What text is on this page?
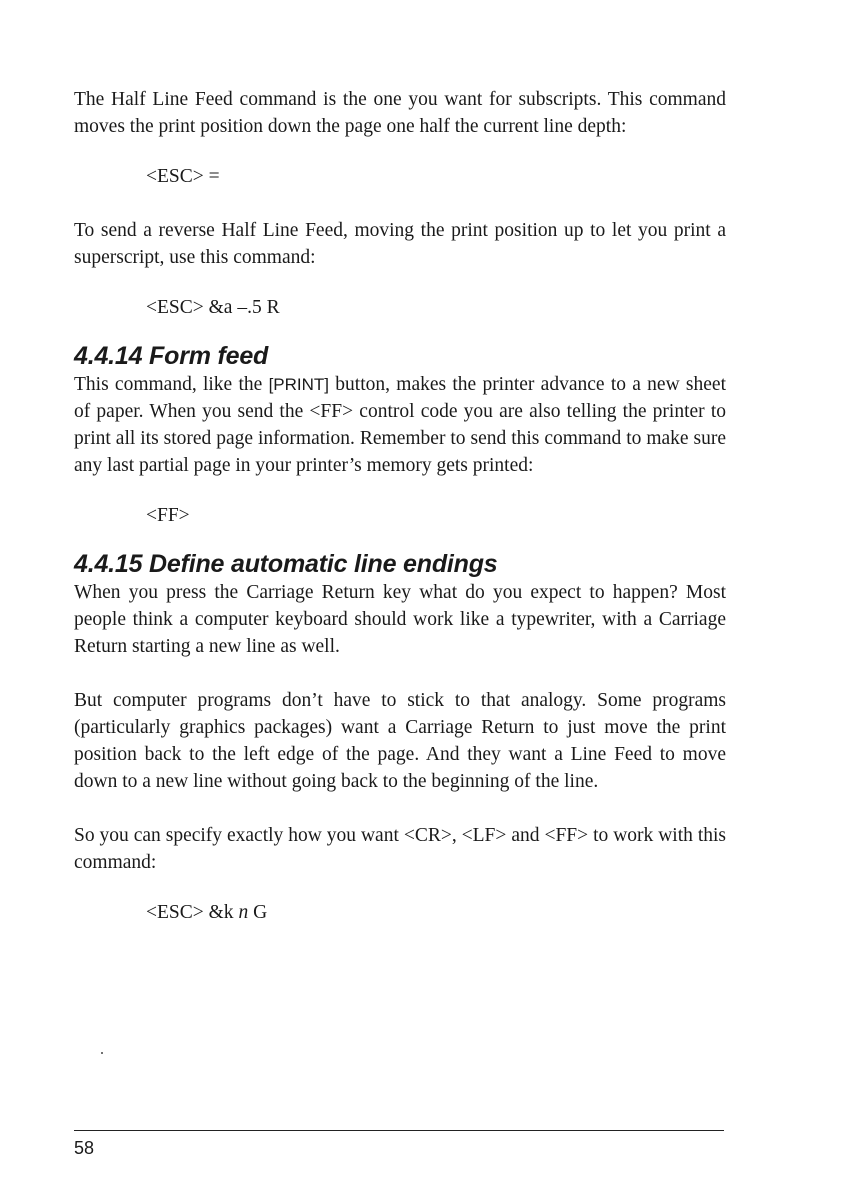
The Half Line Feed command is the one you want for subscripts. This command moves the print position down the page one half the current line depth:

<ESC> =

To send a reverse Half Line Feed, moving the print position up to let you print a superscript, use this command:

<ESC> &a –.5 R

4.4.14 Form feed

This command, like the [PRINT] button, makes the printer advance to a new sheet of paper. When you send the <FF> control code you are also telling the printer to print all its stored page information. Remember to send this command to make sure any last partial page in your printer’s memory gets printed:

<FF>

4.4.15 Define automatic line endings

When you press the Carriage Return key what do you expect to happen? Most people think a computer keyboard should work like a typewriter, with a Carriage Return starting a new line as well.

But computer programs don’t have to stick to that analogy. Some programs (particularly graphics packages) want a Carriage Return to just move the print position back to the left edge of the page. And they want a Line Feed to move down to a new line without going back to the beginning of the line.

So you can specify exactly how you want <CR>, <LF> and <FF> to work with this command:

<ESC> &k n G

58
